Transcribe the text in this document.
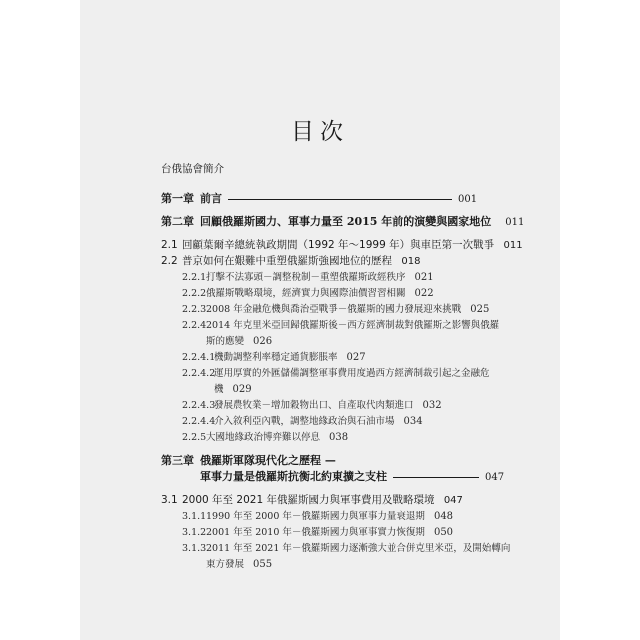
目次
台俄協會簡介
第一章 前言	001
第二章 回顧俄羅斯國力、軍事力量至 2015 年前的演變與國家地位 011
2.1 回顧葉爾辛總統執政期間（1992 年～1999 年）與車臣第一次戰爭 011
2.2 普京如何在艱難中重塑俄羅斯強國地位的歷程 018
2.2.1 打擊不法寡頭－調整稅制－重塑俄羅斯政經秩序 021
2.2.2 俄羅斯戰略環境，經濟實力與國際油價習習相關 022
2.2.3 2008 年金融危機與喬治亞戰爭－俄羅斯的國力發展迎來挑戰 025
2.2.4 2014 年克里米亞回歸俄羅斯後－西方經濟制裁對俄羅斯之影響與俄羅
斯的應變 026
2.2.4.1
機動調整利率穩定通貨膨脹率 027
2.2.4.2
運用厚實的外匯儲備調整軍事費用度過西方經濟制裁引起之金融危
機 029
2.2.4.3
發展農牧業－增加穀物出口、自產取代肉類進口 032
2.2.4.4
介入敘利亞內戰，調整地緣政治與石油市場 034
2.2.5 大國地緣政治博弈難以停息 038
第三章 俄羅斯軍隊現代化之歷程 —
軍事力量是俄羅斯抗衡北約東擴之支柱	047
3.1 2000 年至 2021 年俄羅斯國力與軍事費用及戰略環境 047
3.1.1 1990 年至 2000 年－俄羅斯國力與軍事力量衰退期 048
3.1.2 2001 年至 2010 年－俄羅斯國力與軍事實力恢復期 050
3.1.3 2011 年至 2021 年－俄羅斯國力逐漸強大並合併克里米亞，及開始轉向
東方發展 055
